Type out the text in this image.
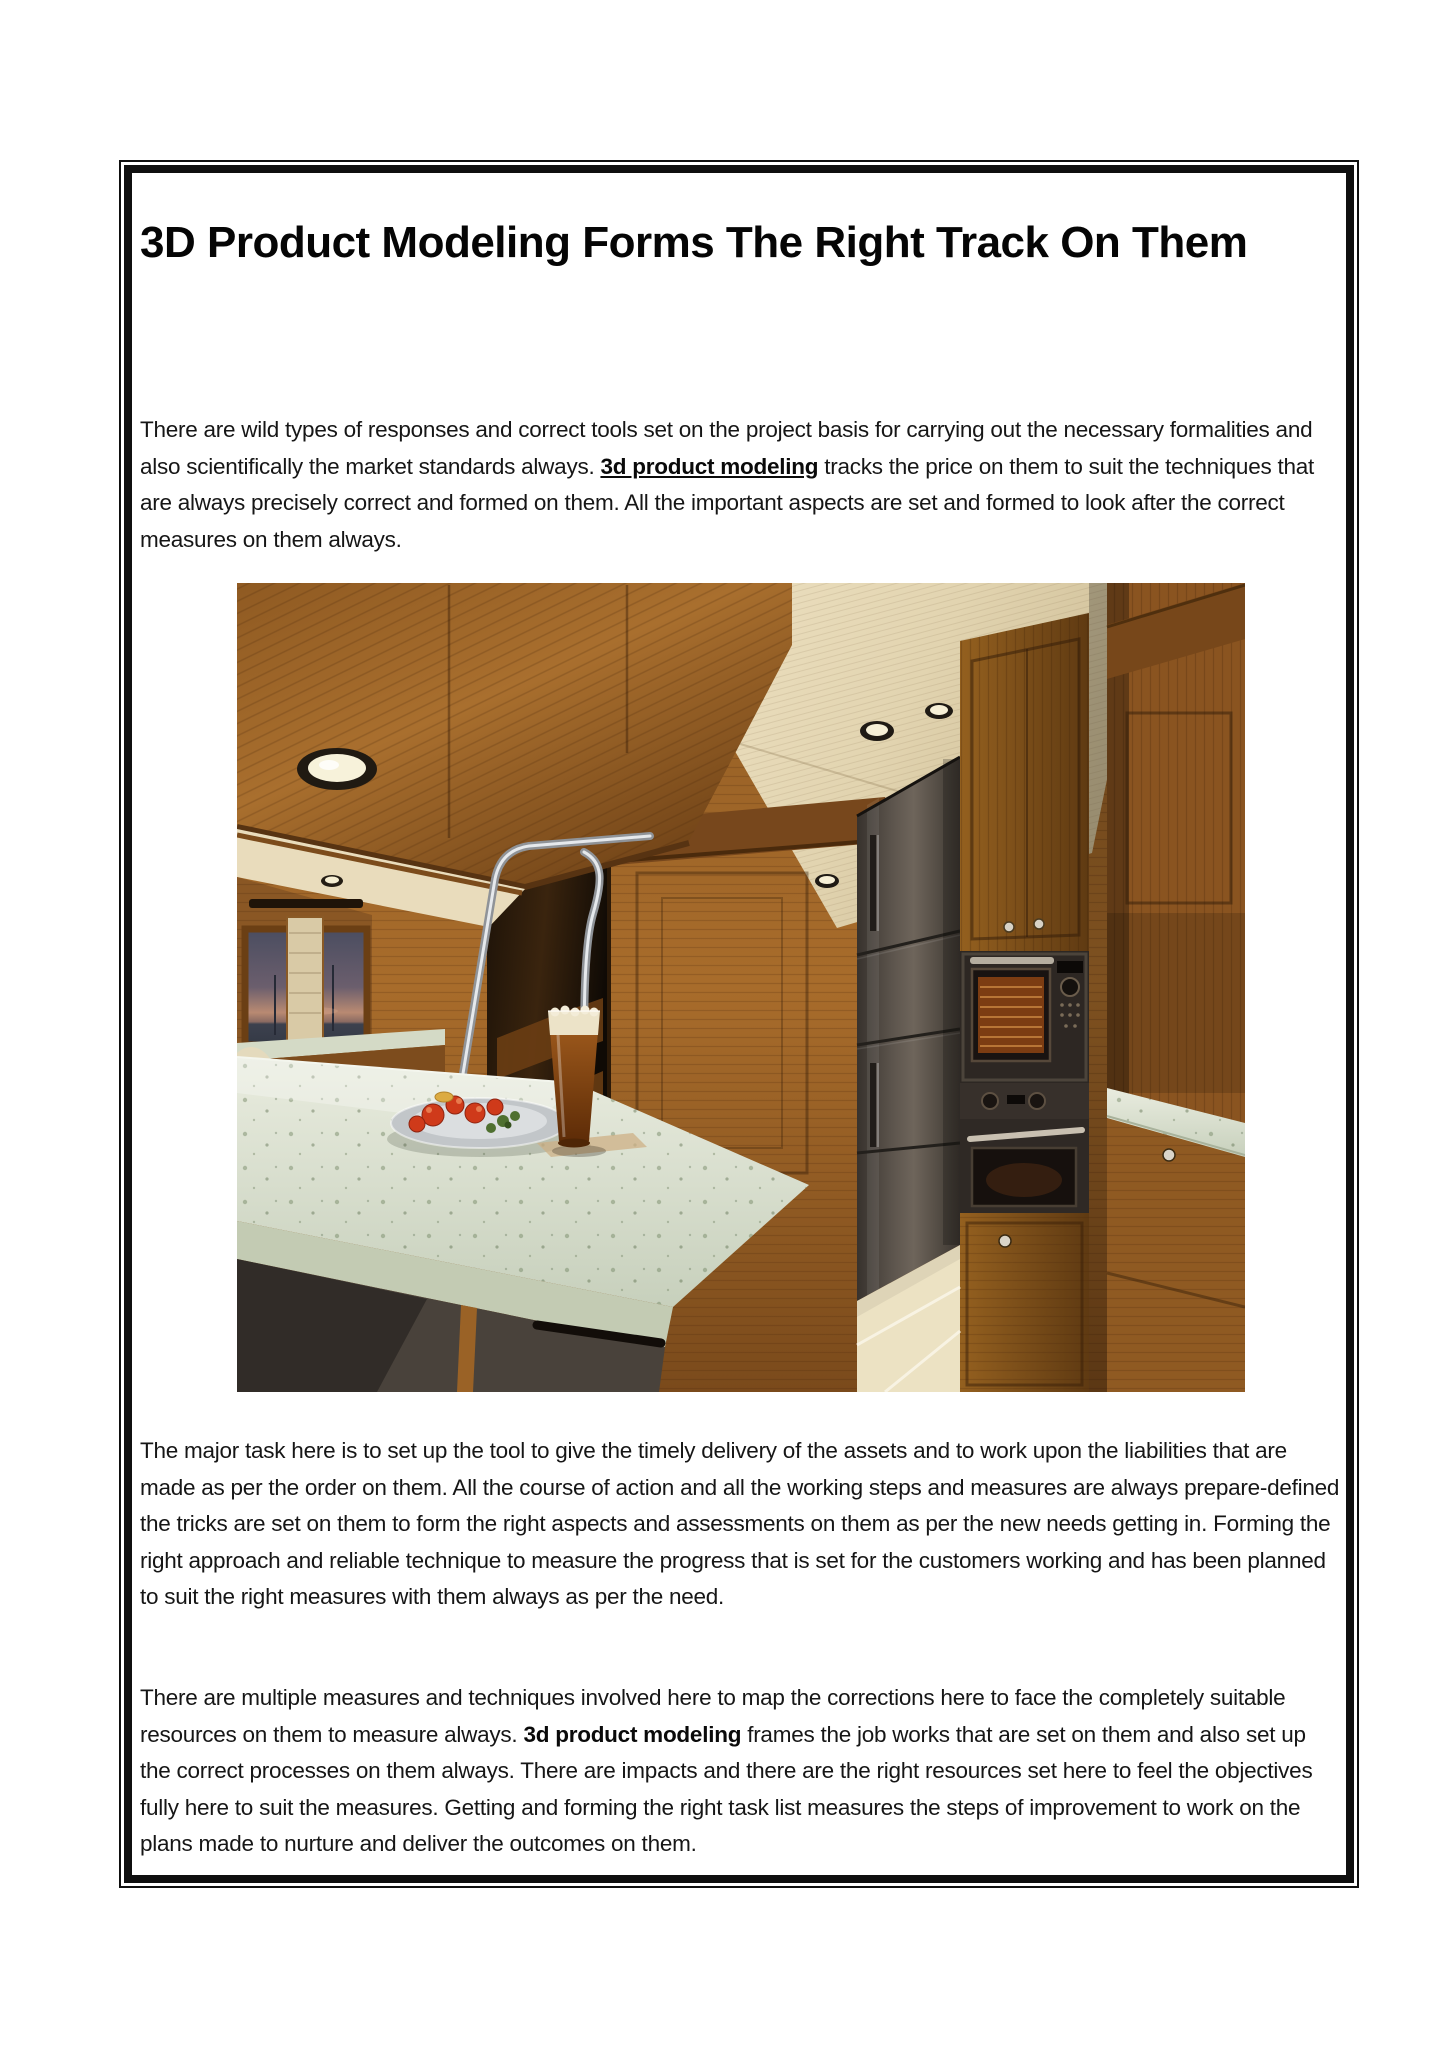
3D Product Modeling Forms The Right Track On Them

There are wild types of responses and correct tools set on the project basis for carrying out the necessary formalities and also scientifically the market standards always. 3d product modeling tracks the price on them to suit the techniques that are always precisely correct and formed on them. All the important aspects are set and formed to look after the correct measures on them always.

The major task here is to set up the tool to give the timely delivery of the assets and to work upon the liabilities that are made as per the order on them. All the course of action and all the working steps and measures are always prepare-defined the tricks are set on them to form the right aspects and assessments on them as per the new needs getting in. Forming the right approach and reliable technique to measure the progress that is set for the customers working and has been planned to suit the right measures with them always as per the need.

There are multiple measures and techniques involved here to map the corrections here to face the completely suitable resources on them to measure always. 3d product modeling frames the job works that are set on them and also set up the correct processes on them always. There are impacts and there are the right resources set here to feel the objectives fully here to suit the measures. Getting and forming the right task list measures the steps of improvement to work on the plans made to nurture and deliver the outcomes on them.
